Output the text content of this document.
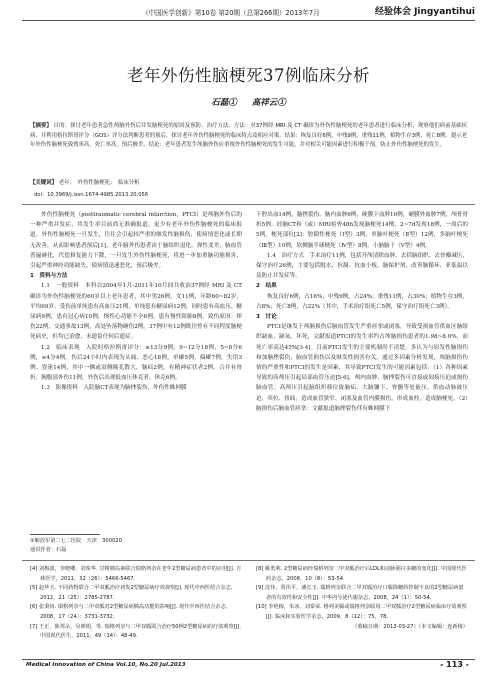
《中国医学创新》第10卷 第20期（总第266期）2013年7月	经验体会 Jingyantihui
老年外伤性脑梗死37例临床分析
石磊① 高祥云①
【摘要】 目的：探讨老年患者急性颅脑外伤后并发脑梗死的原因及预防、治疗方法。方法：对37例经 MRI 及 CT 确诊为外伤性脑梗死的老年患者进行临床分析，观察他们病前基础疾病，并利用格拉斯哥评分（GOS）评分法判断患者的预后，探讨老年外伤性脑梗死的临床特点及相应对策。结果：恢复良好6例，中残9例，重残11例，植物生存3例，死亡8例。提示老年外伤性脑梗死致残率高，死亡率高，预后极差。结论：老年患者发生颅脑外伤应重视外伤性脑梗死的发生可能，并对相关可能因素进行积极干预，防止外伤性脑梗死的发生。
【关键词】 老年；　外伤性脑梗死；　临床分析
doi：10.3969/j.issn.1674-4985.2013.20.056

外伤性脑梗死（posttraumatic cerebral infarction，PTCI）是颅脑外伤后的一种严重并发症，其发生率目前尚无准确报道，更少有老年外伤性脑梗死的临床报道。外伤性脑梗死一旦发生，往往会引起较严重的继发性脑损伤，使病情恶化或长期无改善，从而影响患者预后[1]。老年脑外伤患者由于脑组织退化、弹性变差，脑血管普遍硬化，代偿修复能力下降，一旦发生外伤性脑梗死，将进一步加重脑功能损害，引起严重神经功能缺失，使病情迅速恶化，预后极差。

1　资料与方法

1.1　一般资料　本科自2004年1月-2011年10月间共收治37例经 MRI 及 CT 确诊为外伤性脑梗死的60岁以上老年患者，其中男26例，女11例，年龄60~82岁，平均69岁。受伤前单纯患有高血压21例，单纯患有糖尿病12例，同时患有高血压、糖尿病9例，患有冠心病10例，慢性心功能不全6例，患有慢性阻肺8例。致伤原因：摔伤22例，交通事故13例，高处坠落物砸伤2例。37例中有12例既往曾有不同程度脑梗死病史，但均已治愈，未遗留任何后遗症。

1.2　临床表现　入院时格拉斯哥评分：≥13分9例，9~12分18例，5~8分6例，≤4分4例。伤后24小时内表现为头痛、恶心18例，单瘫5例，偏瘫7例，失语3例。昏迷14例，其中一侧或双侧瞳孔散大，脑疝2例。有精神症状者2例。合并有骨折、胸腹部外伤11例，外伤后出现低血压休克者、休克6例。

1.3　影像资料　入院脑CT表现为脑挫裂伤、外伤性蛛网膜

下腔出血14例，脑挫裂伤、脑内血肿6例，硬膜下血肿10例，硬膜外血肿7例，颅骨骨折5例。经脑CT和（或）MRI检查48h发现脑梗死14例，2~7d发现18例，一周后的5例。梗死部位[2]：腔隙性梗死（Ⅰ型）3例，单脑叶梗死（Ⅱ型）12例，多脑叶梗死（Ⅲ型）10例，软侧脑半球梗死（Ⅳ型）8例，小脑脑干（Ⅴ型）4例。

1.4　治疗方式　手术治疗11例，包括开颅清除血肿、去括脑组织、去骨瓣减压，保守治疗26例，主要包括脱水、抗凝、抗血小板、脑保护剂、改善脑循环、亚低温以及防止并发症等。

2　结果

恢复良好6例，占16%；中残9例，占24%；重残11例，占30%；植物生存3例，占8%；死亡8例，占22%（其中，手术治疗组死亡5例，保守治疗组死亡3例）。

3　讨论

PTCI是继发于颅脑损伤后脑血管发生严重痉挛或闭塞，导致受损血管供血区脑组织缺血、缺氧、坏死，文献报道PTCI的发生率约占颅脑损伤患者的1.98~8.0%，而死亡率高达45%[3-4]。目前PTCI发生的主要机制尚不清楚，多认为与原发性脑损伤和加脑挫裂伤，脑血管损伤以及继发性损害有关。通过多因素分析发现，颅脑损伤伤情的严重性和PTCI的发生是因素，其导致PTCI发生的可能因素包括：（1）各种因素导致的高颅压引起局部血管压迫[5-6]，颅内血肿、脑挫裂伤可直接或间接压迫或损伤脑血管；高颅压引起脑组织移位致脑疝、大脑镰下、脊髓等处嵌压，供血动脉被压迫、牵拉、扭曲，造成血管狭窄、闭塞及血管内膜损伤，形成血栓，造成脑梗死。（2）脑损伤后脑血管痉挛：文献报道脑挫裂伤伴有蛛网膜下

①解放军第二七二医院　天津　300020
通讯作者：石磊
[4] 刘梅波，李晓卿，刘泰华. 甘精胰岛素联合瑞格列奈在老年2型糖尿病患者中的应用[J]. 吉林医学，2011，32（26）：5466-5467.
[5] 赵华玉. 不同药物联合二甲双胍治疗初发2型糖尿病疗效观察[J]. 现代中西医结合杂志，2012，21（25）：2785-2787.
[6] 张秉涛. 瑞格列奈与二甲双胍对2型糖尿病胰岛功能的影响[J]. 现代中西医结合杂志，2008，17（24）：3731-3732.
[7] 王正，陈邦余，吴婵娟，等. 瑞格列奈与二甲双胍联合治疗50例2型糖尿病的疗效观察[J]. 中国现代医生，2011，49（14）：48-49.
[8] 姚勇利. 2型糖尿病经瑞格列奈二甲双胍治疗后LDL和动脉粥白多糖的变化[J]. 中国现代医药杂志，2008，10（8）：53-54.
[9] 沈伟，贾伟平，潘长玉. 瑞格列奈联合二甲双胍治疗口服降糖药控制不良的2型糖尿病患者的有效性和安全性[J]. 中华内分泌代谢杂志，2008，24（1）：50-54.
[10] 李艳梅，朱冰，刘泰荣. 格列美脲或瑞格列奈联用二甲双胍治疗2型糖尿病临床疗效观察[J]. 临床和实验医学杂志，2009，8（12）：75，78.
（收稿日期：2013-03-27）（本文编辑：连新梅）
Medical Innovation of China Vol.10, No.20 Jul.2013	- 113 -
